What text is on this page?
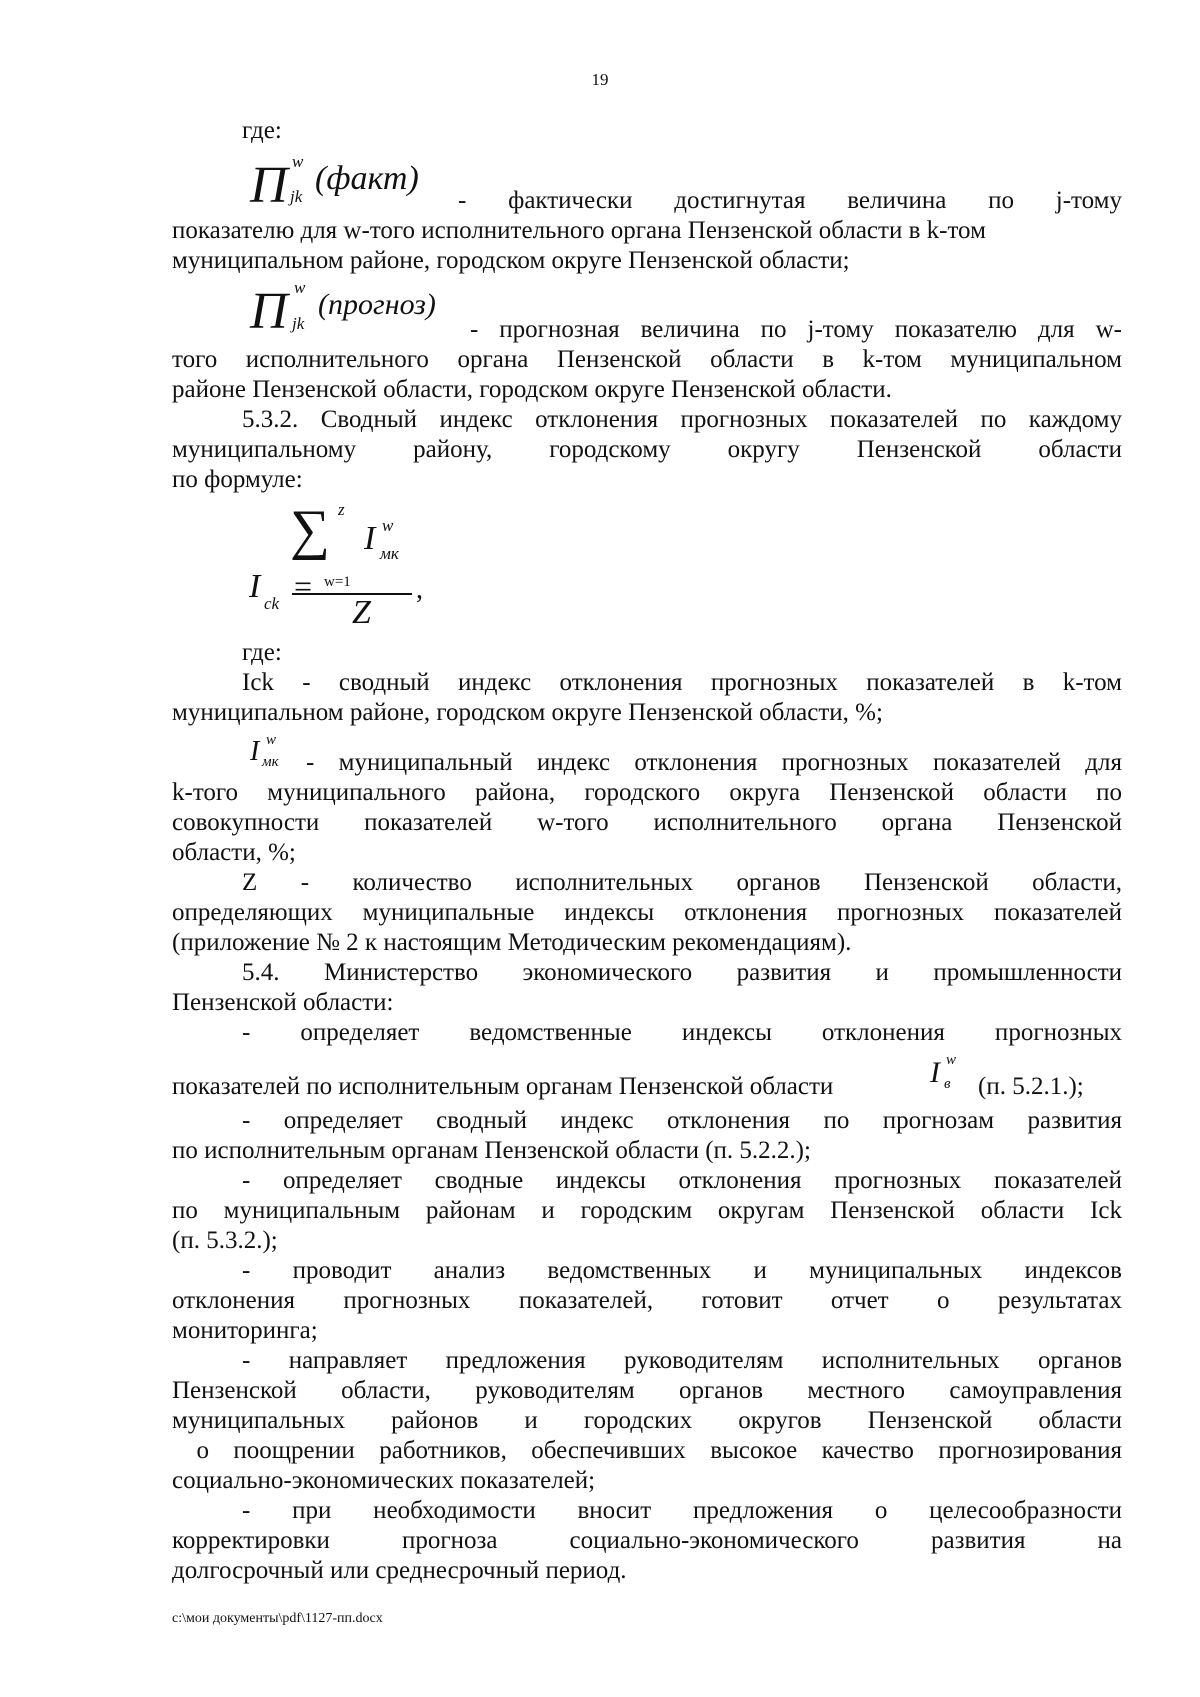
19
П w
jk (факт)
- фактически достигнутая величина по j-тому
показателю для w-того исполнительного органа Пензенской области в k-том
муниципальном районе, городском округе Пензенской области;
П w
jk
(прогноз)
- прогнозная величина по j-тому показателю для w-
того исполнительного органа Пензенской области в k-том муниципальном
районе Пензенской области, городском округе Пензенской области.
5.3.2. Сводный индекс отклонения прогнозных показателей по каждому
муниципальному району, городскому округу Пензенской области
по формуле:
z
∑ I w
мк
w=1
Z
I ck =	,
где:
Ick - сводный индекс отклонения прогнозных показателей в k-том
муниципальном районе, городском округе Пензенской области, %;
I w
мк - муниципальный индекс отклонения прогнозных показателей для
k-того муниципального района, городского округа Пензенской области по
совокупности показателей w-того исполнительного органа Пензенской
области, %;
Z - количество исполнительных органов Пензенской области,
определяющих муниципальные индексы отклонения прогнозных показателей
(приложение № 2 к настоящим Методическим рекомендациям).
5.4. Министерство экономического развития и промышленности
Пензенской области:
- определяет ведомственные индексы отклонения прогнозных
показателей по исполнительным органам Пензенской области	I w
в (п. 5.2.1.);
- определяет сводный индекс отклонения по прогнозам развития
по исполнительным органам Пензенской области (п. 5.2.2.);
- определяет сводные индексы отклонения прогнозных показателей
по муниципальным районам и городским округам Пензенской области Ick
(п. 5.3.2.);
- проводит анализ ведомственных и муниципальных индексов
отклонения прогнозных показателей, готовит отчет о результатах
мониторинга;
- направляет предложения руководителям исполнительных органов
Пензенской области, руководителям органов местного самоуправления
муниципальных районов и городских округов Пензенской области
о поощрении работников, обеспечивших высокое качество прогнозирования
социально-экономических показателей;
- при необходимости вносит предложения о целесообразности
корректировки прогноза социально-экономического развития на
долгосрочный или среднесрочный период.
c:\мои документы\pdf\1127-пп.docx
где:
